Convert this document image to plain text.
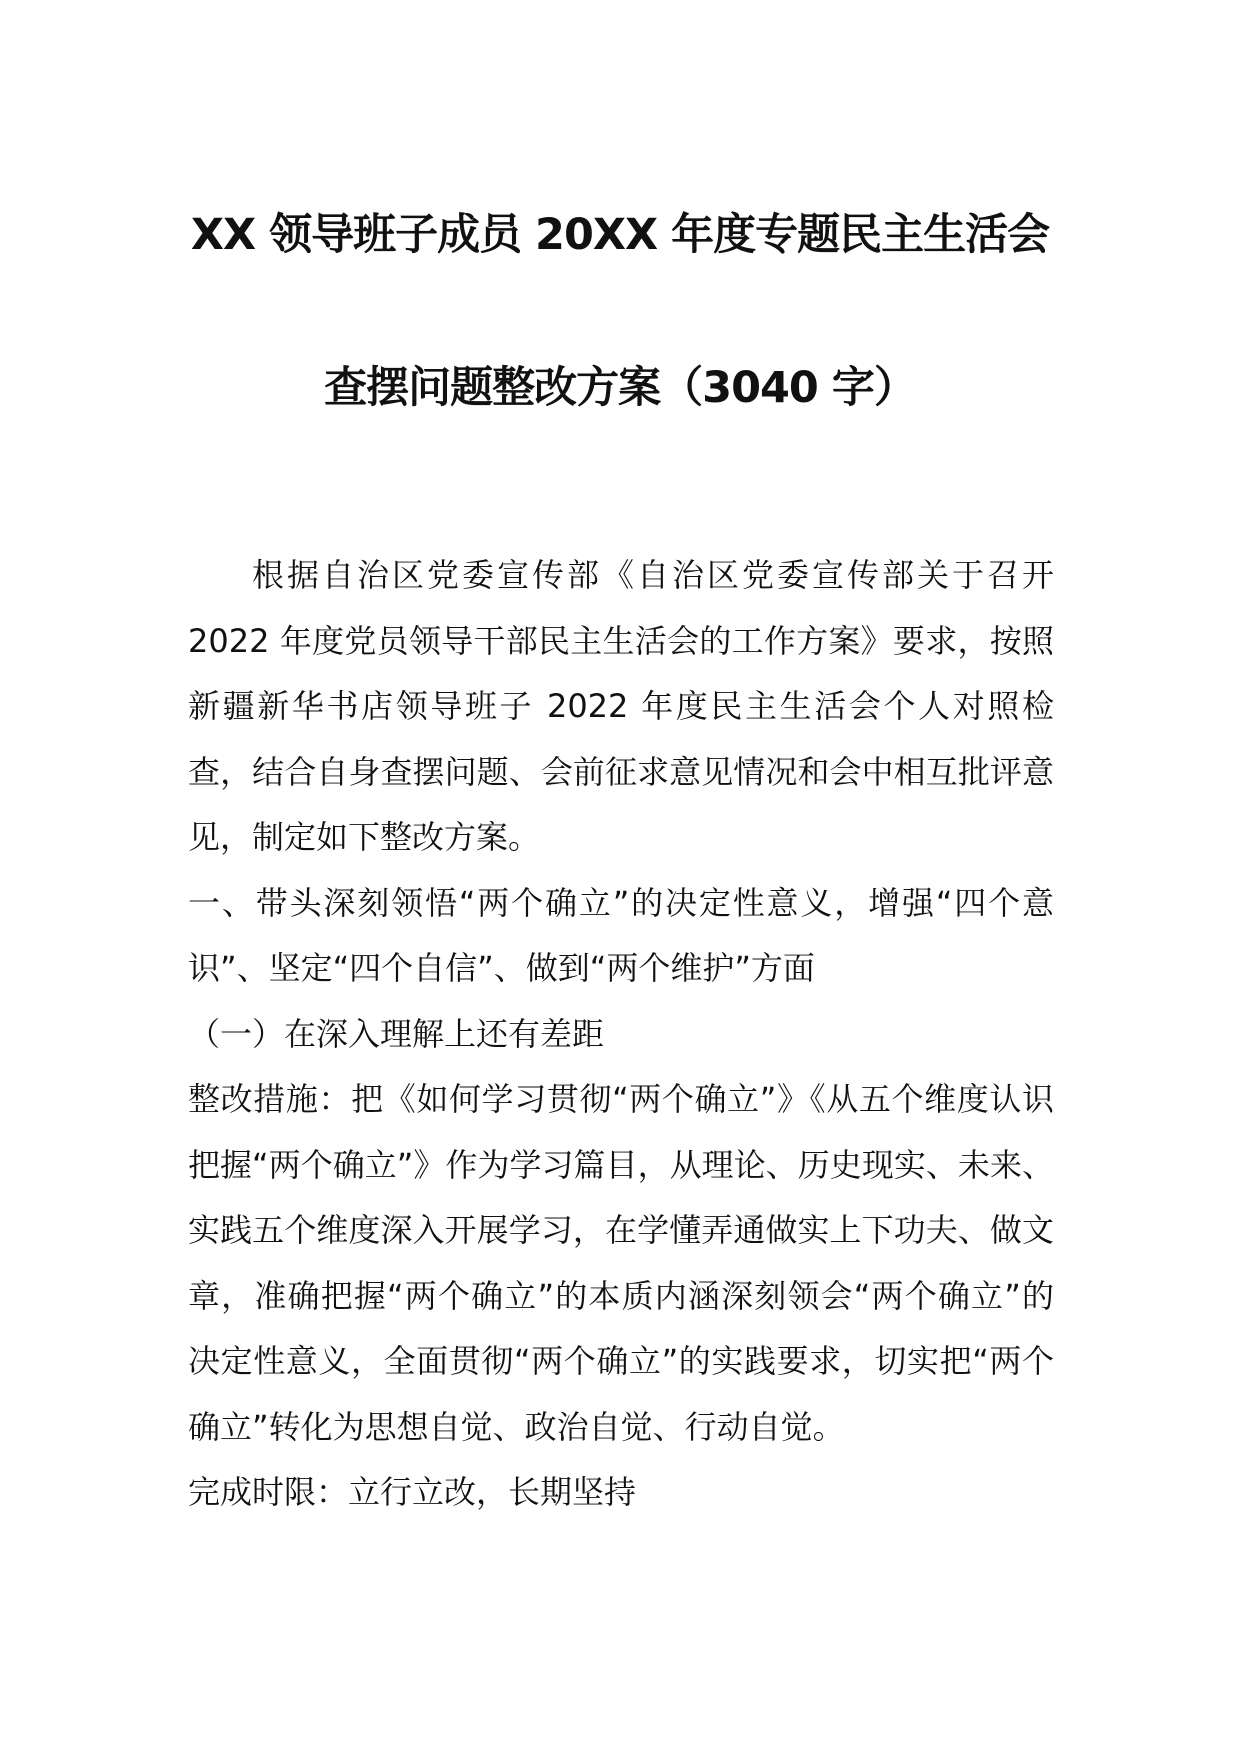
XX 领导班子成员 20XX 年度专题民主生活会
查摆问题整改方案（3040 字）

根据自治区党委宣传部《自治区党委宣传部关于召开 2022 年度党员领导干部民主生活会的工作方案》要求，按照新疆新华书店领导班子 2022 年度民主生活会个人对照检查，结合自身查摆问题、会前征求意见情况和会中相互批评意见，制定如下整改方案。

一、带头深刻领悟“两个确立”的决定性意义，增强“四个意识”、坚定“四个自信”、做到“两个维护”方面

（一）在深入理解上还有差距

整改措施：把《如何学习贯彻“两个确立”》《从五个维度认识把握“两个确立”》作为学习篇目，从理论、历史现实、未来、实践五个维度深入开展学习，在学懂弄通做实上下功夫、做文章，准确把握“两个确立”的本质内涵深刻领会“两个确立”的决定性意义，全面贯彻“两个确立”的实践要求，切实把“两个确立”转化为思想自觉、政治自觉、行动自觉。

完成时限：立行立改，长期坚持
